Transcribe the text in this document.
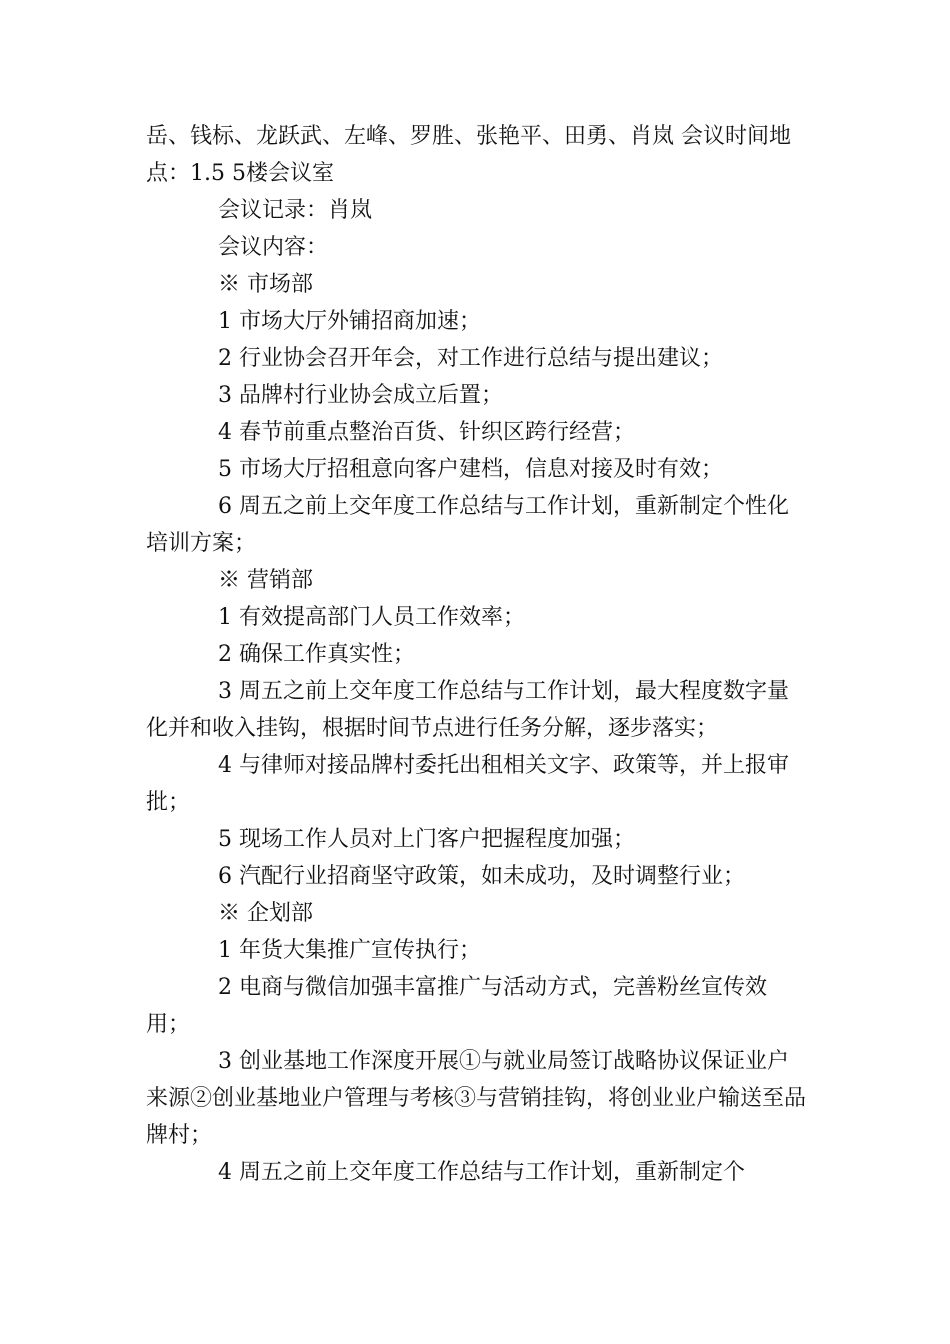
岳、钱标、龙跃武、左峰、罗胜、张艳平、田勇、肖岚 会议时间地点：1.5 5楼会议室

会议记录：肖岚

会议内容：

※ 市场部

1 市场大厅外铺招商加速；

2 行业协会召开年会，对工作进行总结与提出建议；

3 品牌村行业协会成立后置；

4 春节前重点整治百货、针织区跨行经营；

5 市场大厅招租意向客户建档，信息对接及时有效；

6 周五之前上交年度工作总结与工作计划，重新制定个性化培训方案；

※ 营销部

1 有效提高部门人员工作效率；

2 确保工作真实性；

3 周五之前上交年度工作总结与工作计划，最大程度数字量化并和收入挂钩，根据时间节点进行任务分解，逐步落实；

4 与律师对接品牌村委托出租相关文字、政策等，并上报审批；

5 现场工作人员对上门客户把握程度加强；

6 汽配行业招商坚守政策，如未成功，及时调整行业；

※ 企划部

1 年货大集推广宣传执行；

2 电商与微信加强丰富推广与活动方式，完善粉丝宣传效用；

3 创业基地工作深度开展①与就业局签订战略协议保证业户来源②创业基地业户管理与考核③与营销挂钩，将创业业户输送至品牌村；

4 周五之前上交年度工作总结与工作计划，重新制定个
